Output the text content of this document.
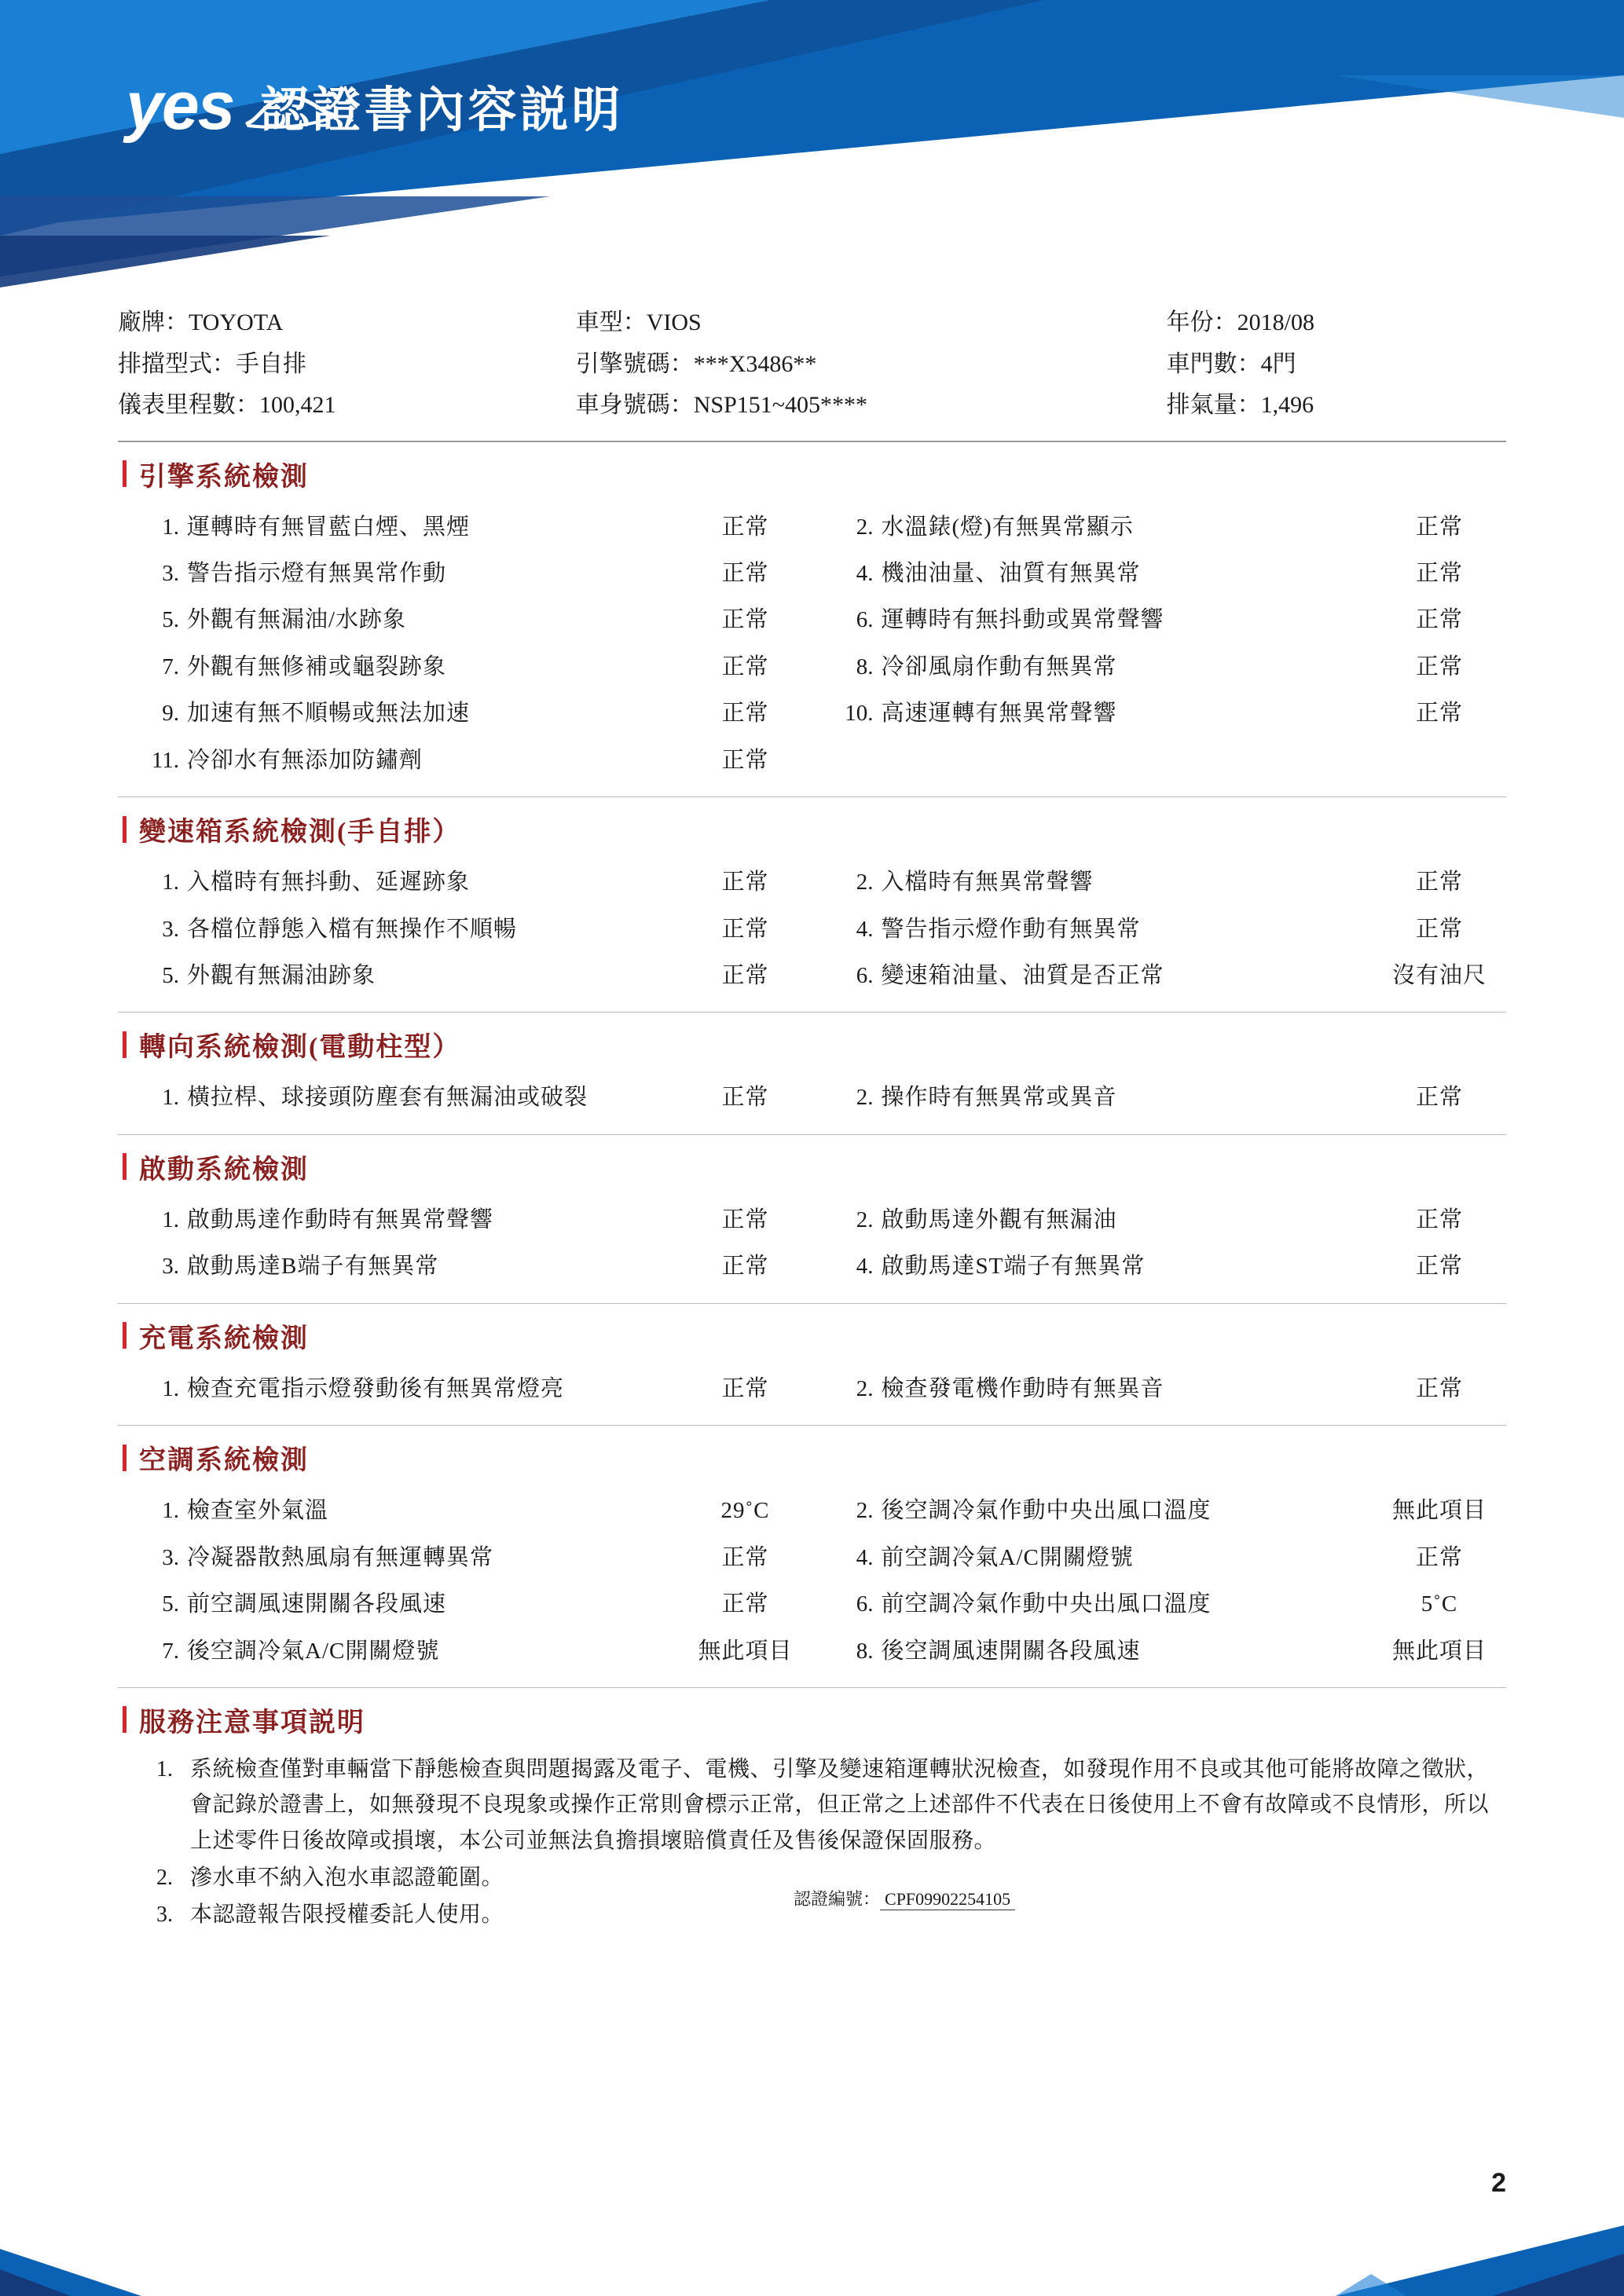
yes 認證書內容説明
廠牌：TOYOTA
排擋型式：手自排
儀表里程數：100,421
車型：VIOS
引擎號碼：***X3486**
車身號碼：NSP151~405****
年份：2018/08
車門數：4門
排氣量：1,496
引擎系統檢測
1. 運轉時有無冒藍白煙、黑煙	正常	2. 水溫錶(燈)有無異常顯示	正常
3. 警告指示燈有無異常作動	正常	4. 機油油量、油質有無異常	正常
5. 外觀有無漏油/水跡象	正常	6. 運轉時有無抖動或異常聲響	正常
7. 外觀有無修補或龜裂跡象	正常	8. 冷卻風扇作動有無異常	正常
9. 加速有無不順暢或無法加速	正常	10. 高速運轉有無異常聲響	正常
11. 冷卻水有無添加防鏽劑	正常
變速箱系統檢測(手自排）
1. 入檔時有無抖動、延遲跡象	正常	2. 入檔時有無異常聲響	正常
3. 各檔位靜態入檔有無操作不順暢	正常	4. 警告指示燈作動有無異常	正常
5. 外觀有無漏油跡象	正常	6. 變速箱油量、油質是否正常	沒有油尺
轉向系統檢測(電動柱型）
1. 橫拉桿、球接頭防塵套有無漏油或破裂	正常	2. 操作時有無異常或異音	正常
啟動系統檢測
1. 啟動馬達作動時有無異常聲響	正常	2. 啟動馬達外觀有無漏油	正常
3. 啟動馬達B端子有無異常	正常	4. 啟動馬達ST端子有無異常	正常
充電系統檢測
1. 檢查充電指示燈發動後有無異常燈亮	正常	2. 檢查發電機作動時有無異音	正常
空調系統檢測
1. 檢查室外氣溫	29˚C	2. 後空調冷氣作動中央出風口溫度	無此項目
3. 冷凝器散熱風扇有無運轉異常	正常	4. 前空調冷氣A/C開關燈號	正常
5. 前空調風速開關各段風速	正常	6. 前空調冷氣作動中央出風口溫度	5˚C
7. 後空調冷氣A/C開關燈號	無此項目	8. 後空調風速開關各段風速	無此項目
服務注意事項説明
1. 系統檢查僅對車輛當下靜態檢查與問題揭露及電子、電機、引擎及變速箱運轉狀況檢查，如發現作用不良或其他可能將故障之徵狀，會記錄於證書上，如無發現不良現象或操作正常則會標示正常，但正常之上述部件不代表在日後使用上不會有故障或不良情形，所以上述零件日後故障或損壞，本公司並無法負擔損壞賠償責任及售後保證保固服務。
2. 滲水車不納入泡水車認證範圍。
3. 本認證報告限授權委託人使用。
認證編號： CPF09902254105
2
